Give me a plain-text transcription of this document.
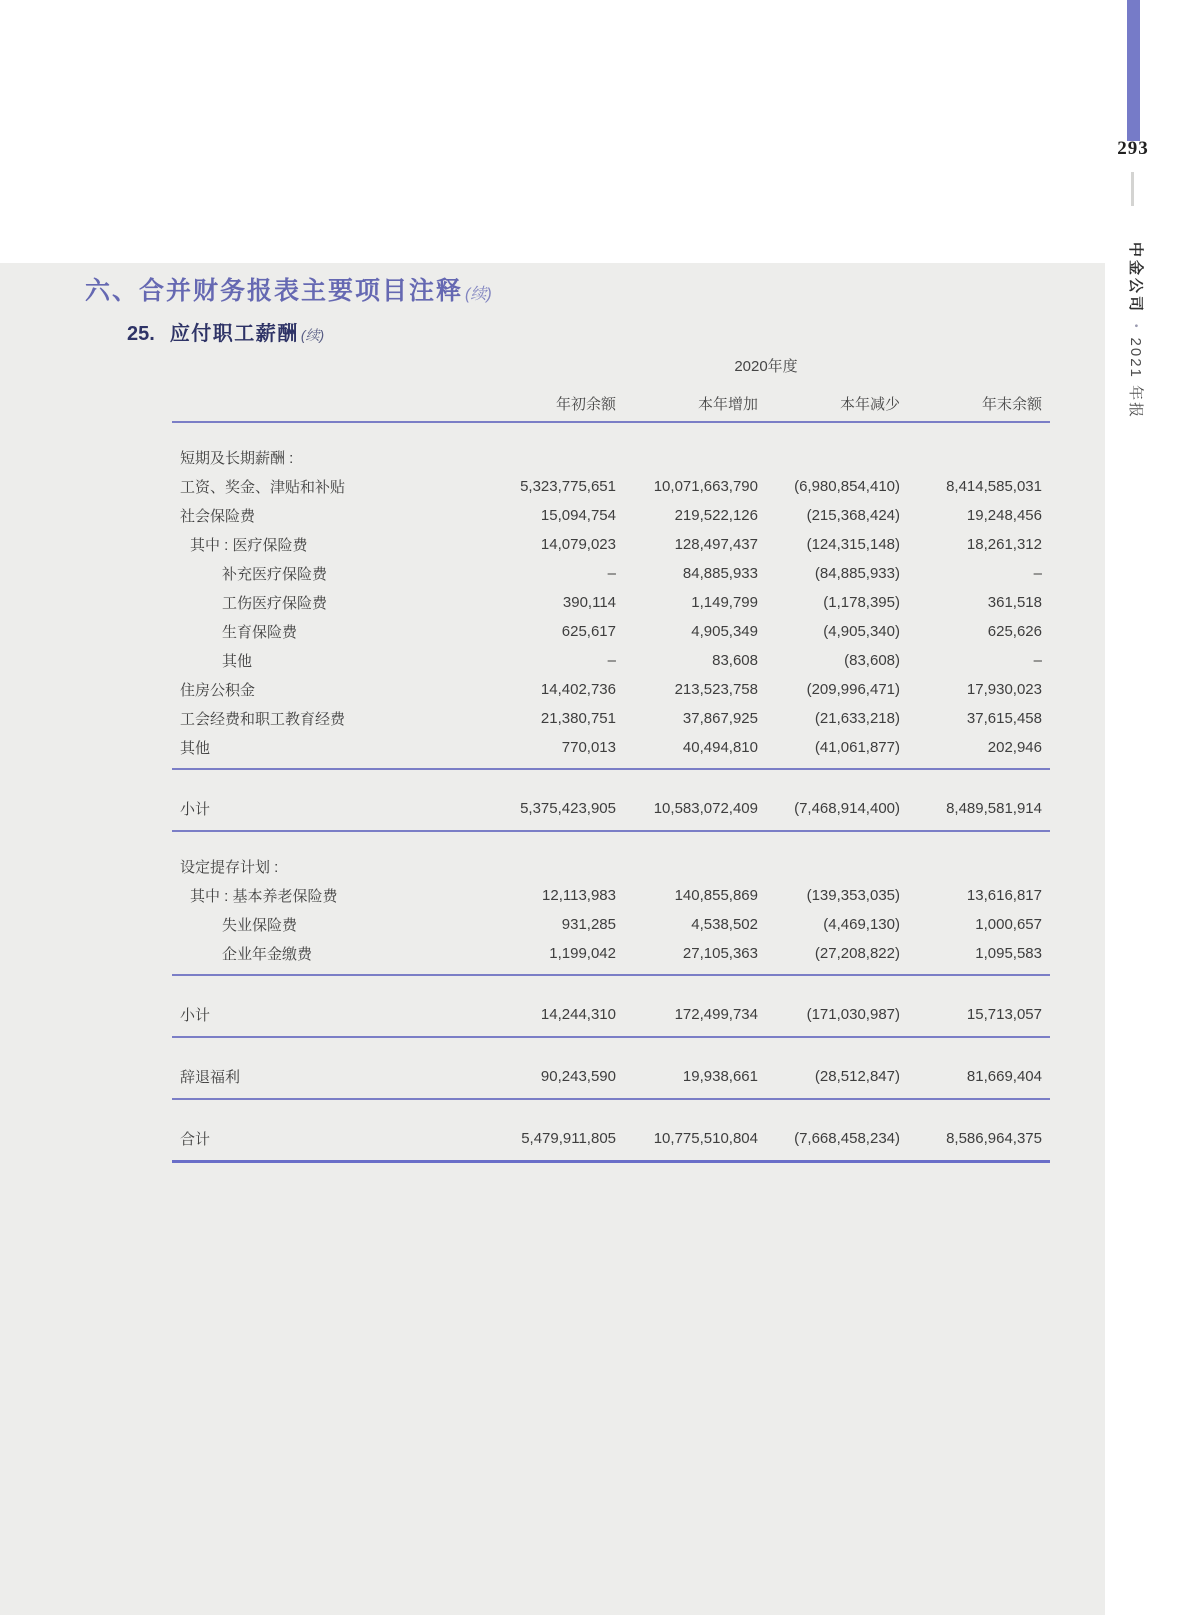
293
中金公司•2021 年报
六、合并财务报表主要项目注释 (续)
25. 应付职工薪酬 (续)
2020年度
年初余额	本年增加	本年减少	年末余额
短期及长期薪酬 :
工资、奖金、津贴和补贴	5,323,775,651	10,071,663,790	(6,980,854,410)	8,414,585,031
社会保险费	15,094,754	219,522,126	(215,368,424)	19,248,456
其中 : 医疗保险费	14,079,023	128,497,437	(124,315,148)	18,261,312
补充医疗保险费	–	84,885,933	(84,885,933)	–
工伤医疗保险费	390,114	1,149,799	(1,178,395)	361,518
生育保险费	625,617	4,905,349	(4,905,340)	625,626
其他	–	83,608	(83,608)	–
住房公积金	14,402,736	213,523,758	(209,996,471)	17,930,023
工会经费和职工教育经费	21,380,751	37,867,925	(21,633,218)	37,615,458
其他	770,013	40,494,810	(41,061,877)	202,946
小计	5,375,423,905	10,583,072,409	(7,468,914,400)	8,489,581,914
设定提存计划 :
其中 : 基本养老保险费	12,113,983	140,855,869	(139,353,035)	13,616,817
失业保险费	931,285	4,538,502	(4,469,130)	1,000,657
企业年金缴费	1,199,042	27,105,363	(27,208,822)	1,095,583
小计	14,244,310	172,499,734	(171,030,987)	15,713,057
辞退福利	90,243,590	19,938,661	(28,512,847)	81,669,404
合计	5,479,911,805	10,775,510,804	(7,668,458,234)	8,586,964,375
